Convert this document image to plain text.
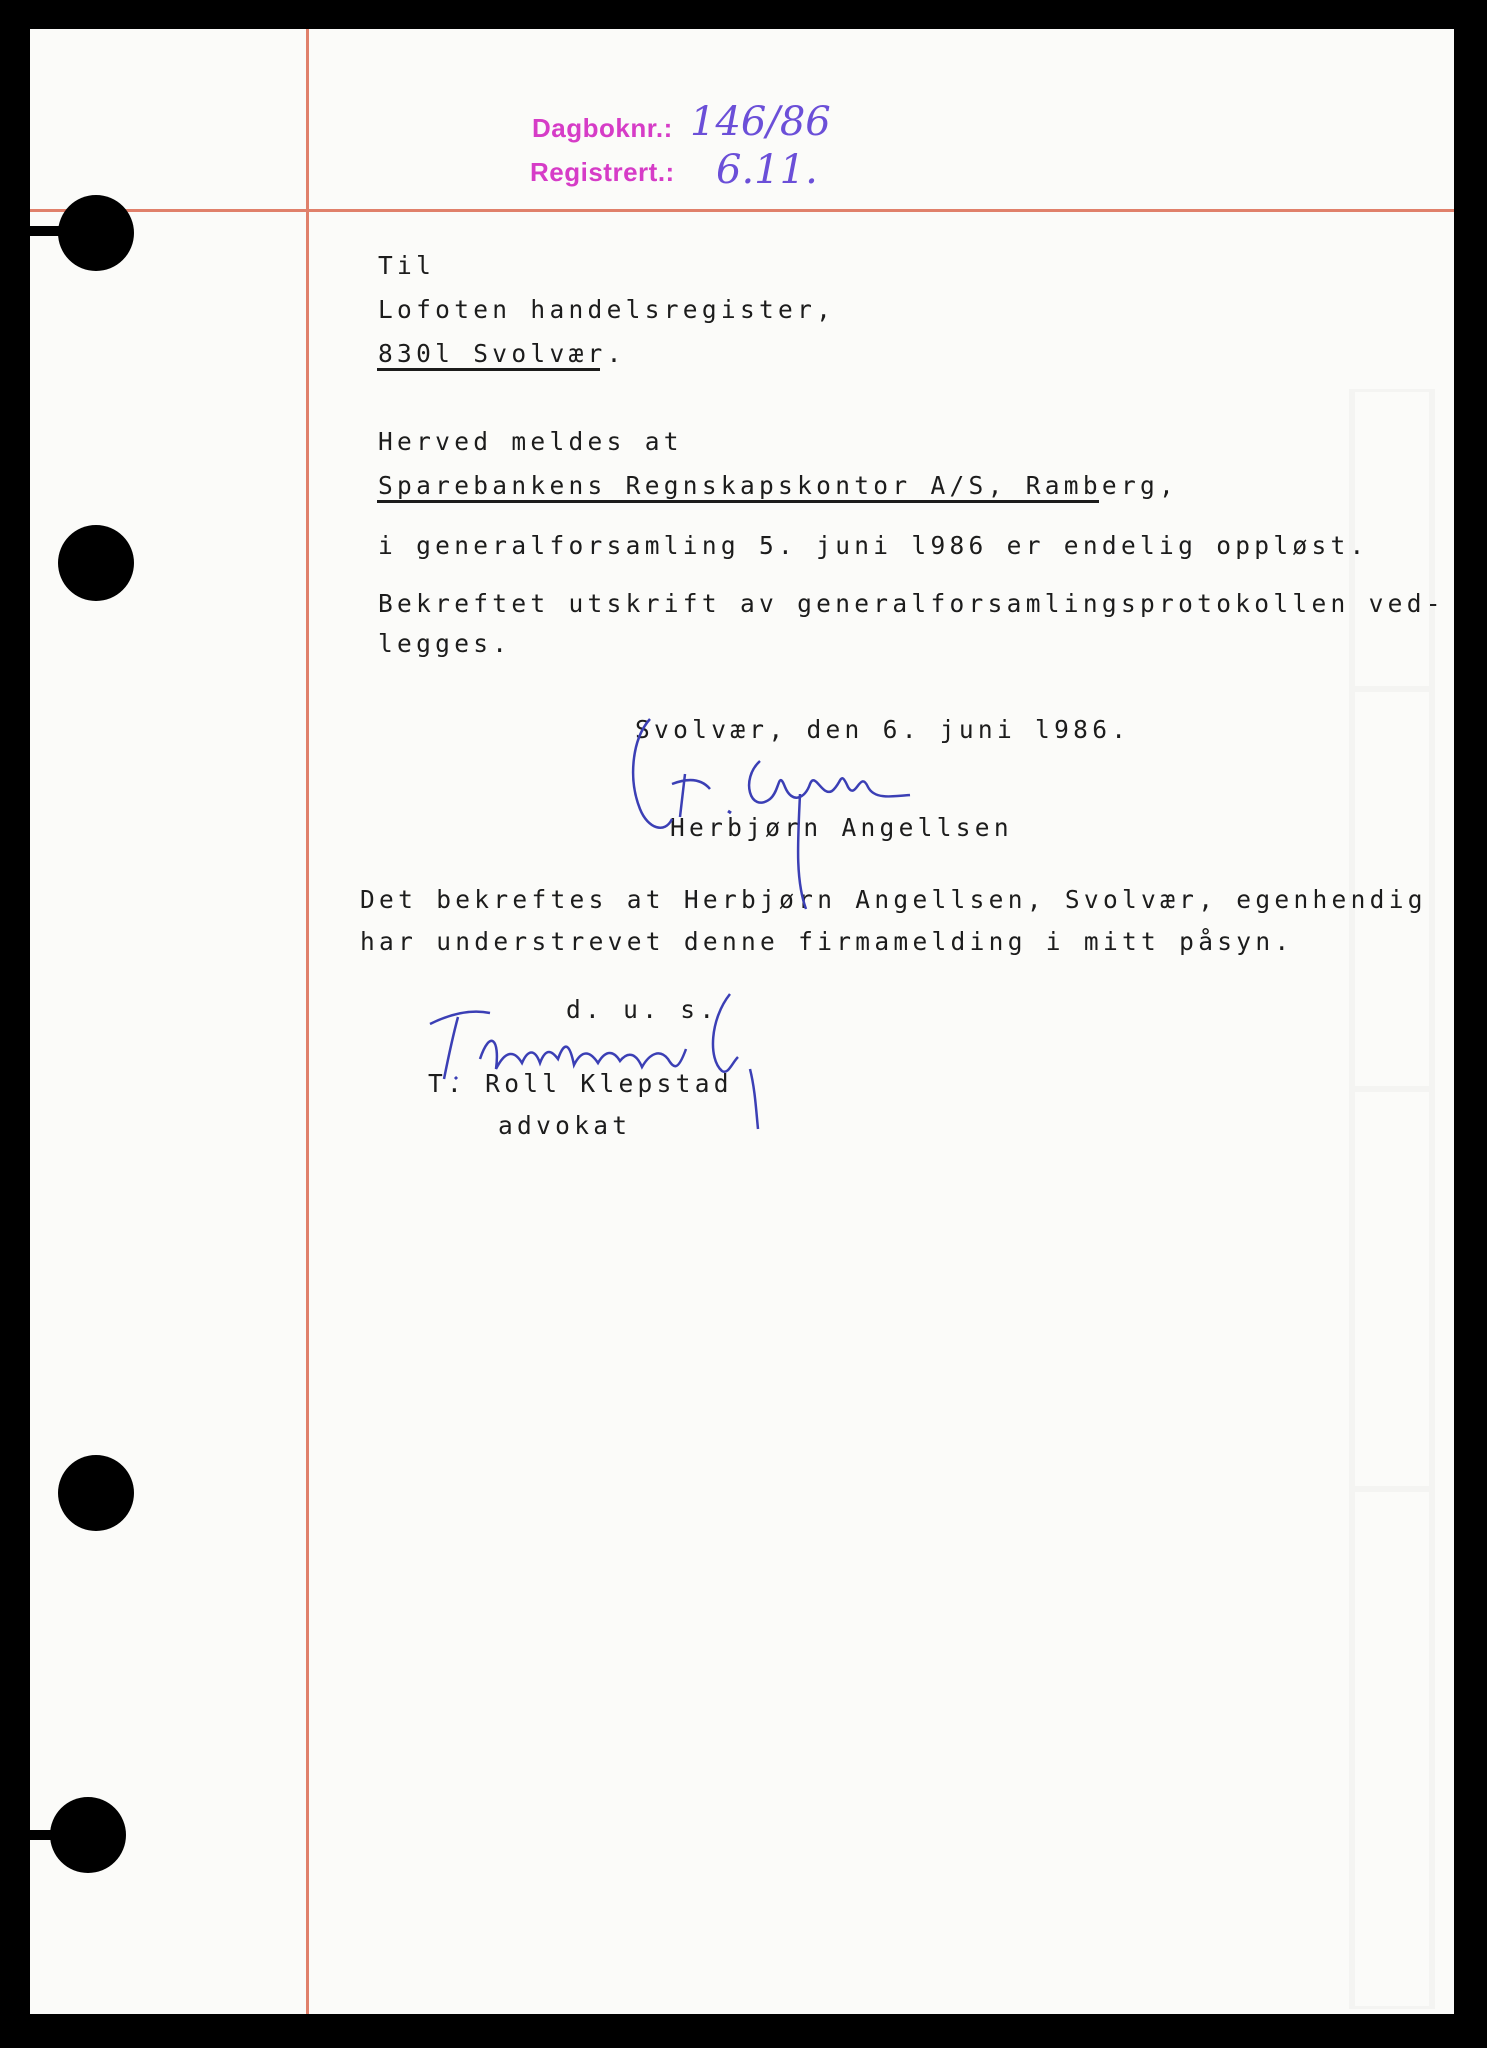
Dagboknr.: 146/86
Registrert.: 6.11.
Til
Lofoten handelsregister,
830l Svolvær.
Herved meldes at
Sparebankens Regnskapskontor A/S, Ramberg,
i generalforsamling 5. juni l986 er endelig oppløst.
Bekreftet utskrift av generalforsamlingsprotokollen ved-
legges.
Svolvær, den 6. juni l986.
Herbjørn Angellsen
Det bekreftes at Herbjørn Angellsen, Svolvær, egenhendig
har understrevet denne firmamelding i mitt påsyn.
d. u. s.
T. Roll Klepstad
advokat
